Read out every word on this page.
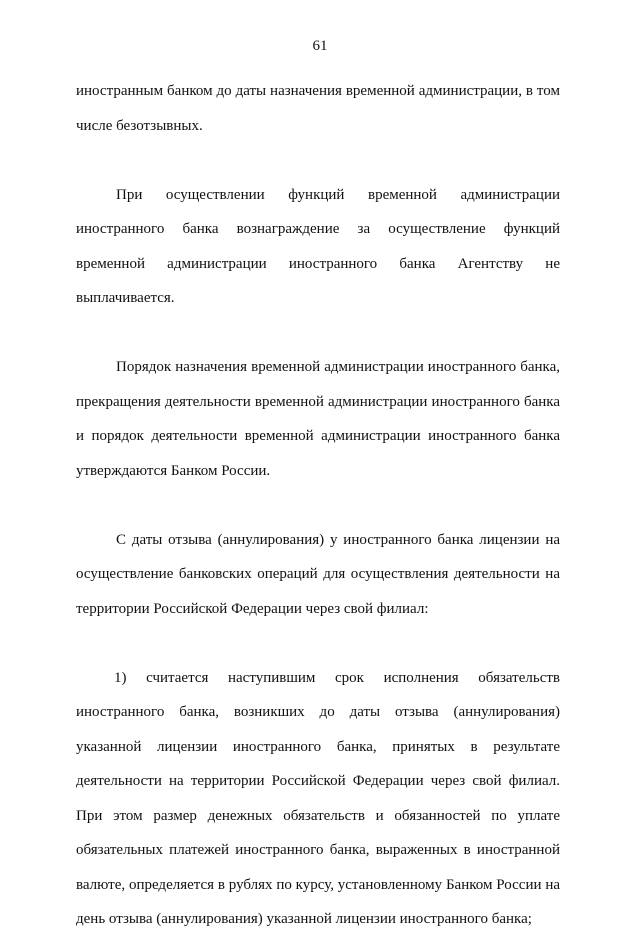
61

иностранным банком до даты назначения временной администрации, в том числе безотзывных.

При осуществлении функций временной администрации иностранного банка вознаграждение за осуществление функций временной администрации иностранного банка Агентству не выплачивается.

Порядок назначения временной администрации иностранного банка, прекращения деятельности временной администрации иностранного банка и порядок деятельности временной администрации иностранного банка утверждаются Банком России.

С даты отзыва (аннулирования) у иностранного банка лицензии на осуществление банковских операций для осуществления деятельности на территории Российской Федерации через свой филиал:

1) считается наступившим срок исполнения обязательств иностранного банка, возникших до даты отзыва (аннулирования) указанной лицензии иностранного банка, принятых в результате деятельности на территории Российской Федерации через свой филиал. При этом размер денежных обязательств и обязанностей по уплате обязательных платежей иностранного банка, выраженных в иностранной валюте, определяется в рублях по курсу, установленному Банком России на день отзыва (аннулирования) указанной лицензии иностранного банка;
